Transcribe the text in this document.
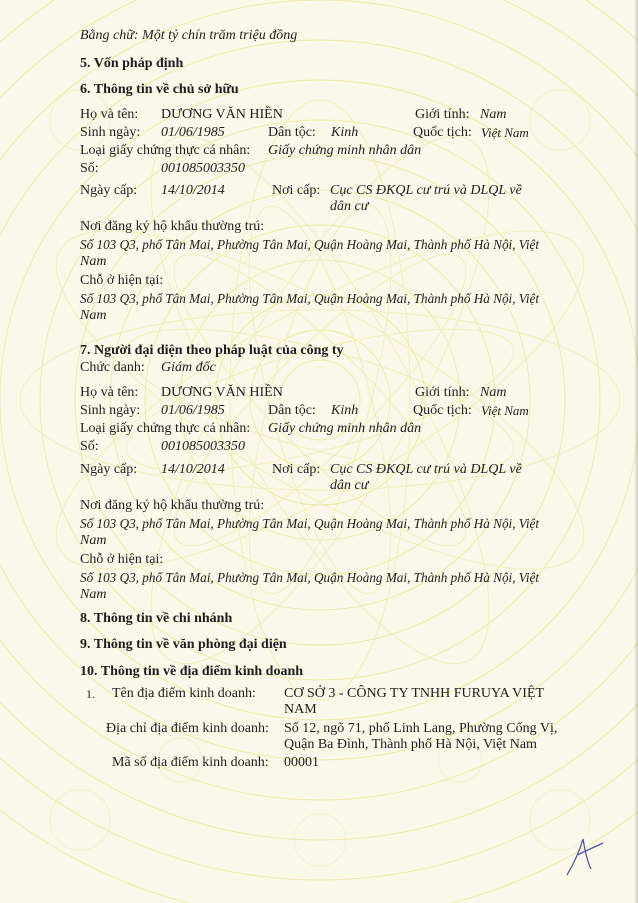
Bằng chữ: Một tỷ chín trăm triệu đồng
5. Vốn pháp định
6. Thông tin về chủ sở hữu
Họ và tên: DƯƠNG VĂN HIỀN	Giới tính: Nam
Sinh ngày: 01/06/1985	Dân tộc: Kinh	Quốc tịch: Việt Nam
Loại giấy chứng thực cá nhân: Giấy chứng minh nhân dân
Số:	001085003350
Ngày cấp: 14/10/2014	Nơi cấp: Cục CS ĐKQL cư trú và DLQL về
dân cư
Nơi đăng ký hộ khẩu thường trú:
Số 103 Q3, phố Tân Mai, Phường Tân Mai, Quận Hoàng Mai, Thành phố Hà Nội, Việt
Nam
Chỗ ở hiện tại:
Số 103 Q3, phố Tân Mai, Phường Tân Mai, Quận Hoàng Mai, Thành phố Hà Nội, Việt
Nam
7. Người đại diện theo pháp luật của công ty
Chức danh: Giám đốc
Họ và tên: DƯƠNG VĂN HIỀN	Giới tính: Nam
Sinh ngày: 01/06/1985	Dân tộc: Kinh	Quốc tịch: Việt Nam
Loại giấy chứng thực cá nhân: Giấy chứng minh nhân dân
Số:	001085003350
Ngày cấp: 14/10/2014	Nơi cấp: Cục CS ĐKQL cư trú và DLQL về
dân cư
Nơi đăng ký hộ khẩu thường trú:
Số 103 Q3, phố Tân Mai, Phường Tân Mai, Quận Hoàng Mai, Thành phố Hà Nội, Việt
Nam
Chỗ ở hiện tại:
Số 103 Q3, phố Tân Mai, Phường Tân Mai, Quận Hoàng Mai, Thành phố Hà Nội, Việt
Nam
8. Thông tin về chi nhánh
9. Thông tin về văn phòng đại diện
10. Thông tin về địa điểm kinh doanh
1. Tên địa điểm kinh doanh: CƠ SỞ 3 - CÔNG TY TNHH FURUYA VIỆT
NAM
Địa chỉ địa điểm kinh doanh: Số 12, ngõ 71, phố Linh Lang, Phường Cống Vị,
Quận Ba Đình, Thành phố Hà Nội, Việt Nam
Mã số địa điểm kinh doanh: 00001
